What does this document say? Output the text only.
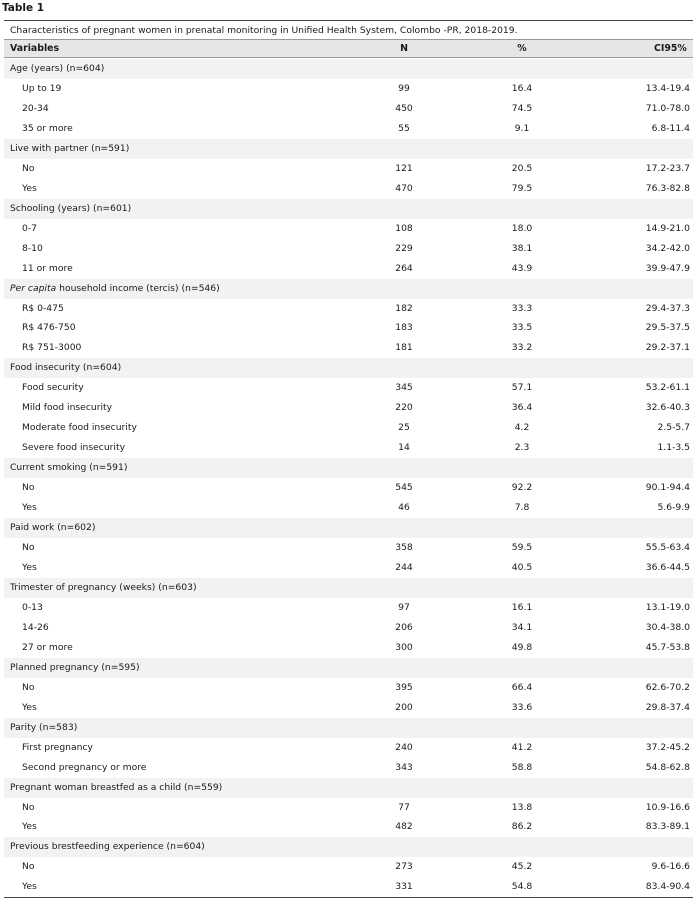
Table 1
Characteristics of pregnant women in prenatal monitoring in Unified Health System, Colombo -PR, 2018-2019.
Variables	N	%	CI95%
Age (years) (n=604)
Up to 19	99	16.4	13.4-19.4
20-34	450	74.5	71.0-78.0
35 or more	55	9.1	6.8-11.4
Live with partner (n=591)
No	121	20.5	17.2-23.7
Yes	470	79.5	76.3-82.8
Schooling (years) (n=601)
0-7	108	18.0	14.9-21.0
8-10	229	38.1	34.2-42.0
11 or more	264	43.9	39.9-47.9
Per capita household income (tercis) (n=546)
R$ 0-475	182	33.3	29.4-37.3
R$ 476-750	183	33.5	29.5-37.5
R$ 751-3000	181	33.2	29.2-37.1
Food insecurity (n=604)
Food security	345	57.1	53.2-61.1
Mild food insecurity	220	36.4	32.6-40.3
Moderate food insecurity	25	4.2	2.5-5.7
Severe food insecurity	14	2.3	1.1-3.5
Current smoking (n=591)
No	545	92.2	90.1-94.4
Yes	46	7.8	5.6-9.9
Paid work (n=602)
No	358	59.5	55.5-63.4
Yes	244	40.5	36.6-44.5
Trimester of pregnancy (weeks) (n=603)
0-13	97	16.1	13.1-19.0
14-26	206	34.1	30.4-38.0
27 or more	300	49.8	45.7-53.8
Planned pregnancy (n=595)
No	395	66.4	62.6-70.2
Yes	200	33.6	29.8-37.4
Parity (n=583)
First pregnancy	240	41.2	37.2-45.2
Second pregnancy or more	343	58.8	54.8-62.8
Pregnant woman breastfed as a child (n=559)
No	77	13.8	10.9-16.6
Yes	482	86.2	83.3-89.1
Previous brestfeeding experience (n=604)
No	273	45.2	9.6-16.6
Yes	331	54.8	83.4-90.4
